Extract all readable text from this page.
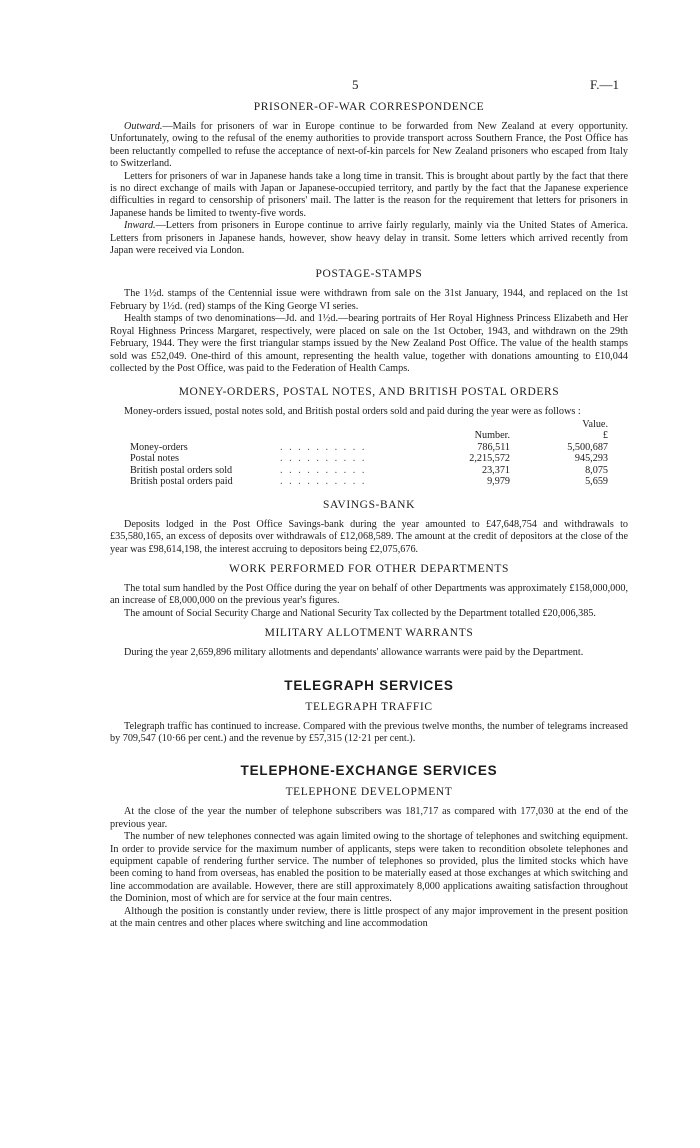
5	F.—1
PRISONER-OF-WAR CORRESPONDENCE

Outward.—Mails for prisoners of war in Europe continue to be forwarded from New Zealand at every opportunity. Unfortunately, owing to the refusal of the enemy authorities to provide transport across Southern France, the Post Office has been reluctantly compelled to refuse the acceptance of next-of-kin parcels for New Zealand prisoners who escaped from Italy to Switzerland.

Letters for prisoners of war in Japanese hands take a long time in transit. This is brought about partly by the fact that there is no direct exchange of mails with Japan or Japanese-occupied territory, and partly by the fact that the Japanese experience difficulties in regard to censorship of prisoners' mail. The latter is the reason for the requirement that letters for prisoners in Japanese hands be limited to twenty-five words.

Inward.—Letters from prisoners in Europe continue to arrive fairly regularly, mainly via the United States of America. Letters from prisoners in Japanese hands, however, show heavy delay in transit. Some letters which arrived recently from Japan were received via London.

POSTAGE-STAMPS

The 1½d. stamps of the Centennial issue were withdrawn from sale on the 31st January, 1944, and replaced on the 1st February by 1½d. (red) stamps of the King George VI series.

Health stamps of two denominations—Jd. and 1½d.—bearing portraits of Her Royal Highness Princess Elizabeth and Her Royal Highness Princess Margaret, respectively, were placed on sale on the 1st October, 1943, and withdrawn on the 29th February, 1944. They were the first triangular stamps issued by the New Zealand Post Office. The value of the health stamps sold was £52,049. One-third of this amount, representing the health value, together with donations amounting to £10,044 collected by the Post Office, was paid to the Federation of Health Camps.

MONEY-ORDERS, POSTAL NOTES, AND BRITISH POSTAL ORDERS

Money-orders issued, postal notes sold, and British postal orders sold and paid during the year were as follows :

			Value.
		Number.	£
Money-orders	. . . . . . . . . .	786,511	5,500,687
Postal notes	. . . . . . . . . .	2,215,572	945,293
British postal orders sold	. . . . . . . . . .	23,371	8,075
British postal orders paid	. . . . . . . . . .	9,979	5,659
SAVINGS-BANK

Deposits lodged in the Post Office Savings-bank during the year amounted to £47,648,754 and withdrawals to £35,580,165, an excess of deposits over withdrawals of £12,068,589. The amount at the credit of depositors at the close of the year was £98,614,198, the interest accruing to depositors being £2,075,676.

WORK PERFORMED FOR OTHER DEPARTMENTS

The total sum handled by the Post Office during the year on behalf of other Departments was approximately £158,000,000, an increase of £8,000,000 on the previous year's figures.

The amount of Social Security Charge and National Security Tax collected by the Department totalled £20,006,385.

MILITARY ALLOTMENT WARRANTS

During the year 2,659,896 military allotments and dependants' allowance warrants were paid by the Department.

TELEGRAPH SERVICES
TELEGRAPH TRAFFIC

Telegraph traffic has continued to increase. Compared with the previous twelve months, the number of telegrams increased by 709,547 (10·66 per cent.) and the revenue by £57,315 (12·21 per cent.).

TELEPHONE-EXCHANGE SERVICES
TELEPHONE DEVELOPMENT

At the close of the year the number of telephone subscribers was 181,717 as compared with 177,030 at the end of the previous year.

The number of new telephones connected was again limited owing to the shortage of telephones and switching equipment. In order to provide service for the maximum number of applicants, steps were taken to recondition obsolete telephones and equipment capable of rendering further service. The number of telephones so provided, plus the limited stocks which have been coming to hand from overseas, has enabled the position to be materially eased at those exchanges at which switching and line accommodation are available. However, there are still approximately 8,000 applications awaiting satisfaction throughout the Dominion, most of which are for service at the four main centres.

Although the position is constantly under review, there is little prospect of any major improvement in the present position at the main centres and other places where switching and line accommodation
